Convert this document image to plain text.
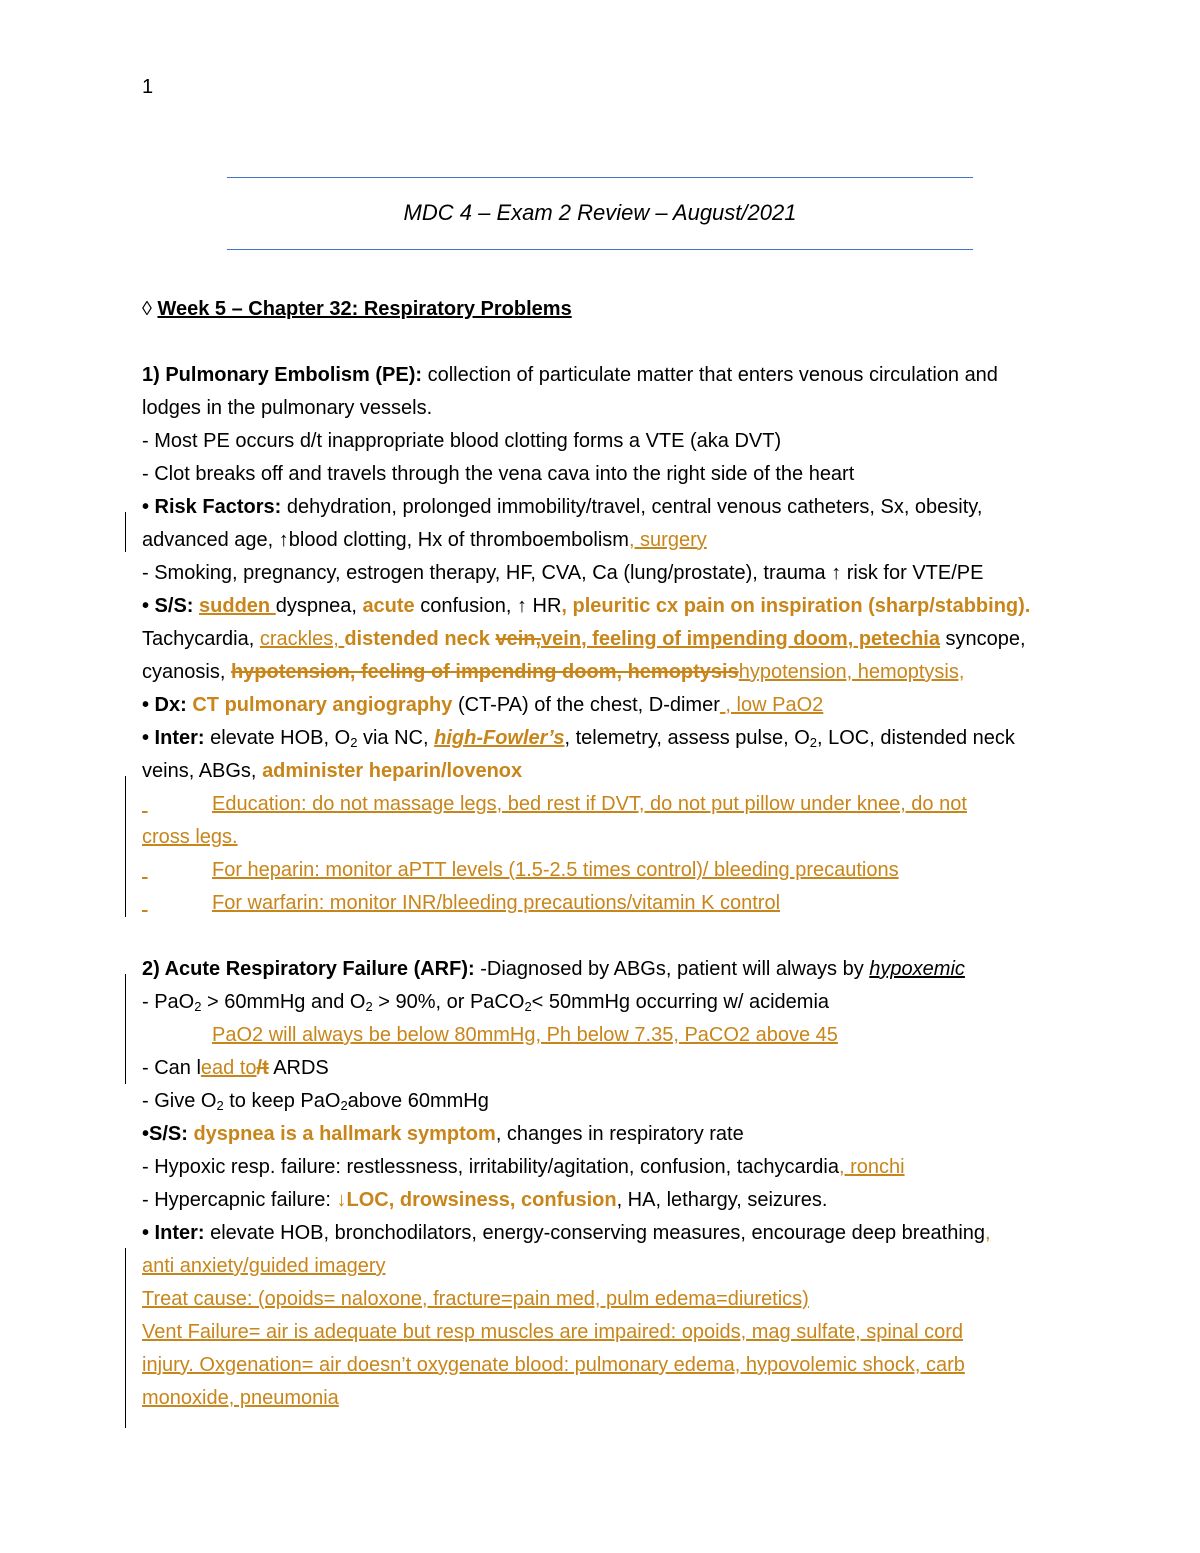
1
MDC 4 – Exam 2 Review – August/2021
◊ Week 5 – Chapter 32: Respiratory Problems
1) Pulmonary Embolism (PE): collection of particulate matter that enters venous circulation and
lodges in the pulmonary vessels.
- Most PE occurs d/t inappropriate blood clotting forms a VTE (aka DVT)
- Clot breaks off and travels through the vena cava into the right side of the heart
• Risk Factors: dehydration, prolonged immobility/travel, central venous catheters, Sx, obesity,
advanced age, ↑blood clotting, Hx of thromboembolism, surgery
- Smoking, pregnancy, estrogen therapy, HF, CVA, Ca (lung/prostate), trauma ↑ risk for VTE/PE
• S/S: sudden dyspnea, acute confusion, ↑ HR, pleuritic cx pain on inspiration (sharp/stabbing).
Tachycardia, crackles, distended neck vein,vein, feeling of impending doom, petechia syncope,
cyanosis, hypotension, feeling of impending doom, hemoptysishypotension, hemoptysis,
• Dx: CT pulmonary angiography (CT-PA) of the chest, D-dimer , low PaO2
• Inter: elevate HOB, $O_2$ via NC, high-Fowler’s, telemetry, assess pulse, $O_2$, LOC, distended neck
veins, ABGs, administer heparin/lovenox
Education: do not massage legs, bed rest if DVT, do not put pillow under knee, do not
cross legs.
For heparin: monitor aPTT levels (1.5-2.5 times control)/ bleeding precautions
For warfarin: monitor INR/bleeding precautions/vitamin K control
2) Acute Respiratory Failure (ARF): -Diagnosed by ABGs, patient will always by hypoxemic
- PaO$_2$ > 60mmHg and $O_2 > 90\%$, or PaCO$_2$< 50mmHg occurring w/ acidemia
PaO2 will always be below 80mmHg, Ph below 7.35, PaCO2 above 45
- Can lead to/t ARDS
- Give $O_2$ to keep PaO$_2$above 60mmHg
•S/S: dyspnea is a hallmark symptom, changes in respiratory rate
- Hypoxic resp. failure: restlessness, irritability/agitation, confusion, tachycardia, ronchi
- Hypercapnic failure: ↓LOC, drowsiness, confusion, HA, lethargy, seizures.
• Inter: elevate HOB, bronchodilators, energy-conserving measures, encourage deep breathing,
anti anxiety/guided imagery
Treat cause: (opoids= naloxone, fracture=pain med, pulm edema=diuretics)
Vent Failure= air is adequate but resp muscles are impaired: opoids, mag sulfate, spinal cord
injury. Oxgenation= air doesn’t oxygenate blood: pulmonary edema, hypovolemic shock, carb
monoxide, pneumonia
